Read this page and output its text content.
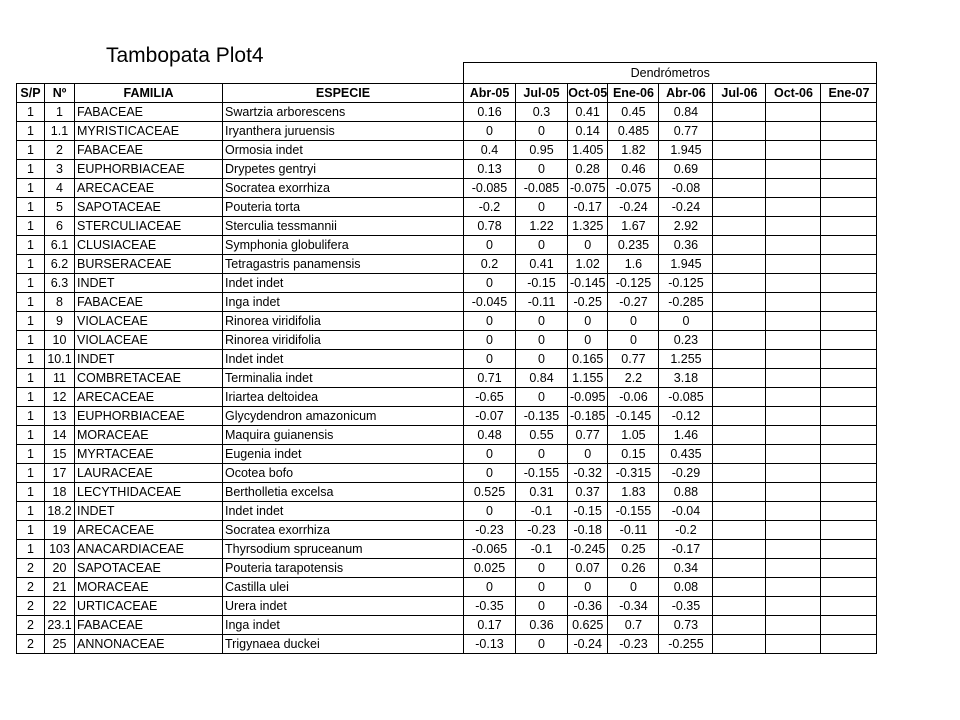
Tambopata Plot4
				Dendrómetros							
S/P	Nº	FAMILIA	ESPECIE	Abr-05	Jul-05	Oct-05	Ene-06	Abr-06	Jul-06	Oct-06	Ene-07
1	1	FABACEAE	Swartzia arborescens	0.16	0.3	0.41	0.45	0.84			
1	1.1	MYRISTICACEAE	Iryanthera juruensis	0	0	0.14	0.485	0.77			
1	2	FABACEAE	Ormosia indet	0.4	0.95	1.405	1.82	1.945			
1	3	EUPHORBIACEAE	Drypetes gentryi	0.13	0	0.28	0.46	0.69			
1	4	ARECACEAE	Socratea exorrhiza	-0.085	-0.085	-0.075	-0.075	-0.08			
1	5	SAPOTACEAE	Pouteria torta	-0.2	0	-0.17	-0.24	-0.24			
1	6	STERCULIACEAE	Sterculia tessmannii	0.78	1.22	1.325	1.67	2.92			
1	6.1	CLUSIACEAE	Symphonia globulifera	0	0	0	0.235	0.36			
1	6.2	BURSERACEAE	Tetragastris panamensis	0.2	0.41	1.02	1.6	1.945			
1	6.3	INDET	Indet indet	0	-0.15	-0.145	-0.125	-0.125			
1	8	FABACEAE	Inga indet	-0.045	-0.11	-0.25	-0.27	-0.285			
1	9	VIOLACEAE	Rinorea viridifolia	0	0	0	0	0			
1	10	VIOLACEAE	Rinorea viridifolia	0	0	0	0	0.23			
1	10.1	INDET	Indet indet	0	0	0.165	0.77	1.255			
1	11	COMBRETACEAE	Terminalia indet	0.71	0.84	1.155	2.2	3.18			
1	12	ARECACEAE	Iriartea deltoidea	-0.65	0	-0.095	-0.06	-0.085			
1	13	EUPHORBIACEAE	Glycydendron amazonicum	-0.07	-0.135	-0.185	-0.145	-0.12			
1	14	MORACEAE	Maquira guianensis	0.48	0.55	0.77	1.05	1.46			
1	15	MYRTACEAE	Eugenia indet	0	0	0	0.15	0.435			
1	17	LAURACEAE	Ocotea bofo	0	-0.155	-0.32	-0.315	-0.29			
1	18	LECYTHIDACEAE	Bertholletia excelsa	0.525	0.31	0.37	1.83	0.88			
1	18.2	INDET	Indet indet	0	-0.1	-0.15	-0.155	-0.04			
1	19	ARECACEAE	Socratea exorrhiza	-0.23	-0.23	-0.18	-0.11	-0.2			
1	103	ANACARDIACEAE	Thyrsodium spruceanum	-0.065	-0.1	-0.245	0.25	-0.17			
2	20	SAPOTACEAE	Pouteria tarapotensis	0.025	0	0.07	0.26	0.34			
2	21	MORACEAE	Castilla ulei	0	0	0	0	0.08			
2	22	URTICACEAE	Urera indet	-0.35	0	-0.36	-0.34	-0.35			
2	23.1	FABACEAE	Inga indet	0.17	0.36	0.625	0.7	0.73			
2	25	ANNONACEAE	Trigynaea duckei	-0.13	0	-0.24	-0.23	-0.255			
